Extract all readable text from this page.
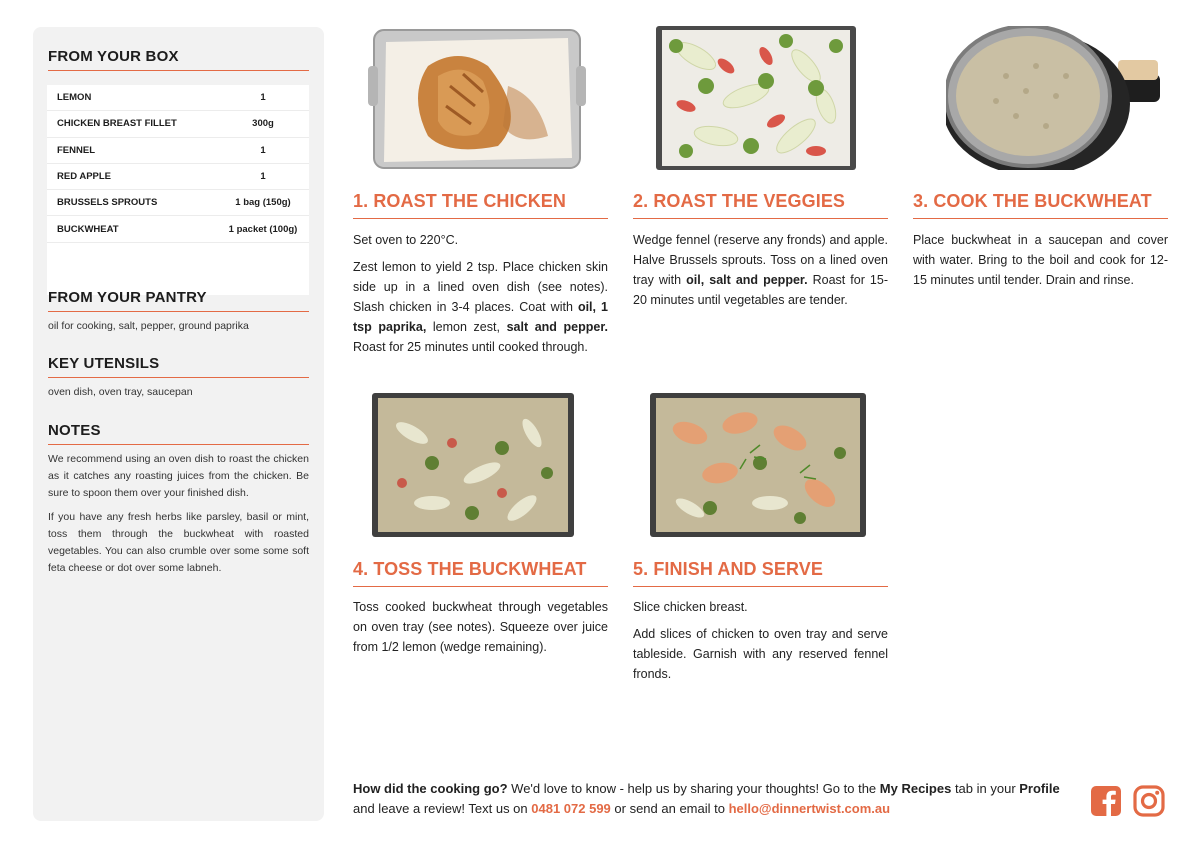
FROM YOUR BOX
LEMON	1
CHICKEN BREAST FILLET	300g
FENNEL	1
RED APPLE	1
BRUSSELS SPROUTS	1 bag (150g)
BUCKWHEAT	1 packet (100g)
FROM YOUR PANTRY
oil for cooking, salt, pepper, ground paprika
KEY UTENSILS
oven dish, oven tray, saucepan
NOTES

We recommend using an oven dish to roast the chicken as it catches any roasting juices from the chicken. Be sure to spoon them over your finished dish.

If you have any fresh herbs like parsley, basil or mint, toss them through the buckwheat with roasted vegetables. You can also crumble over some some soft feta cheese or dot over some labneh.

1. ROAST THE CHICKEN

Set oven to 220°C.

Zest lemon to yield 2 tsp. Place chicken skin side up in a lined oven dish (see notes). Slash chicken in 3-4 places. Coat with oil, 1 tsp paprika, lemon zest, salt and pepper. Roast for 25 minutes until cooked through.

2. ROAST THE VEGGIES

Wedge fennel (reserve any fronds) and apple. Halve Brussels sprouts. Toss on a lined oven tray with oil, salt and pepper. Roast for 15-20 minutes until vegetables are tender.

3. COOK THE BUCKWHEAT

Place buckwheat in a saucepan and cover with water. Bring to the boil and cook for 12-15 minutes until tender. Drain and rinse.

4. TOSS THE BUCKWHEAT

Toss cooked buckwheat through vegetables on oven tray (see notes). Squeeze over juice from 1/2 lemon (wedge remaining).

5. FINISH AND SERVE

Slice chicken breast.

Add slices of chicken to oven tray and serve tableside. Garnish with any reserved fennel fronds.

How did the cooking go? We'd love to know - help us by sharing your thoughts! Go to the My Recipes tab in your Profile and leave a review! Text us on 0481 072 599 or send an email to hello@dinnertwist.com.au
